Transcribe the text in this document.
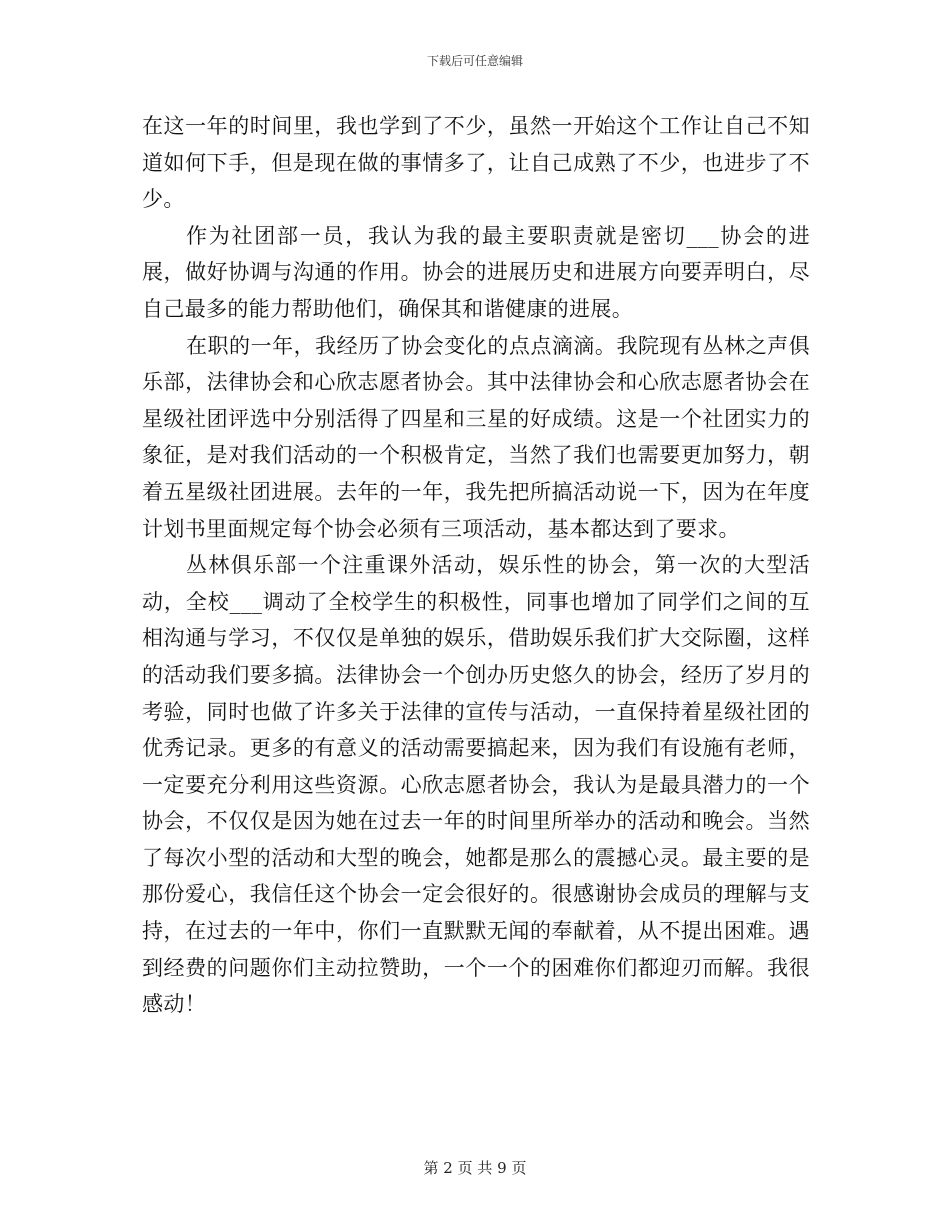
下载后可任意编辑

在这一年的时间里，我也学到了不少，虽然一开始这个工作让自己不知道如何下手，但是现在做的事情多了，让自己成熟了不少，也进步了不少。

作为社团部一员，我认为我的最主要职责就是密切___协会的进展，做好协调与沟通的作用。协会的进展历史和进展方向要弄明白，尽自己最多的能力帮助他们，确保其和谐健康的进展。

在职的一年，我经历了协会变化的点点滴滴。我院现有丛林之声俱乐部，法律协会和心欣志愿者协会。其中法律协会和心欣志愿者协会在星级社团评选中分别活得了四星和三星的好成绩。这是一个社团实力的象征，是对我们活动的一个积极肯定，当然了我们也需要更加努力，朝着五星级社团进展。去年的一年，我先把所搞活动说一下，因为在年度计划书里面规定每个协会必须有三项活动，基本都达到了要求。

丛林俱乐部一个注重课外活动，娱乐性的协会，第一次的大型活动，全校___调动了全校学生的积极性，同事也增加了同学们之间的互相沟通与学习，不仅仅是单独的娱乐，借助娱乐我们扩大交际圈，这样的活动我们要多搞。法律协会一个创办历史悠久的协会，经历了岁月的考验，同时也做了许多关于法律的宣传与活动，一直保持着星级社团的优秀记录。更多的有意义的活动需要搞起来，因为我们有设施有老师，一定要充分利用这些资源。心欣志愿者协会，我认为是最具潜力的一个协会，不仅仅是因为她在过去一年的时间里所举办的活动和晚会。当然了每次小型的活动和大型的晚会，她都是那么的震撼心灵。最主要的是那份爱心，我信任这个协会一定会很好的。很感谢协会成员的理解与支持，在过去的一年中，你们一直默默无闻的奉献着，从不提出困难。遇到经费的问题你们主动拉赞助，一个一个的困难你们都迎刃而解。我很感动！

第 2 页 共 9 页
